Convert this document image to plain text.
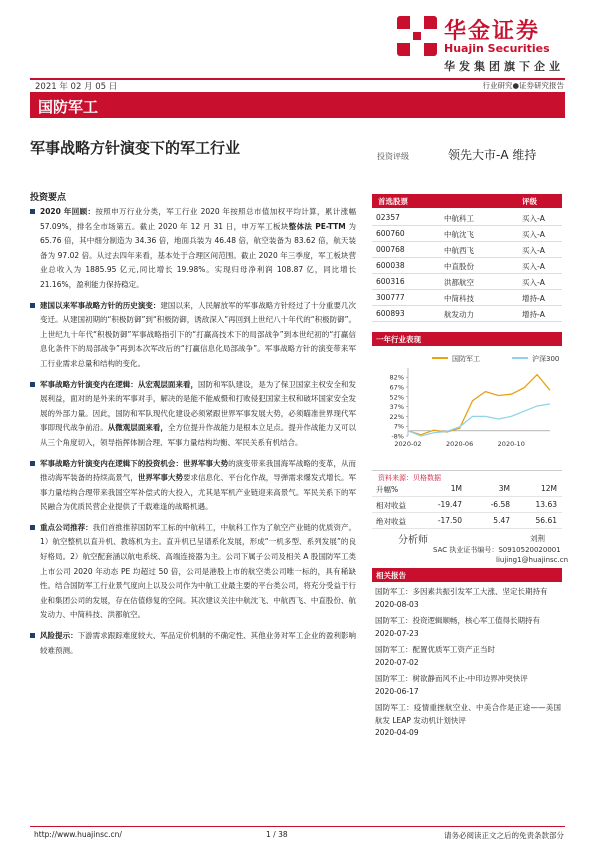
华金证券
Huajin Securities
华发集团旗下企业
2021 年 02 月 05 日	行业研究●证券研究报告
国防军工
军事战略方针演变下的军工行业	投资评级	领先大市-A 维持
投资要点

2020 年回顾：按照申万行业分类，军工行业 2020 年按照总市值加权平均计算，累计涨幅 57.09%，排名全市场第五。截止 2020 年 12 月 31 日，申万军工板块整体法 PE-TTM 为 65.76 倍，其中细分制造为 34.36 倍，地面兵装为 46.48 倍，航空装备为 83.62 倍，航天装备为 97.02 倍。从过去四年来看，基本处于合理区间范围。截止 2020 年三季度，军工板块营业总收入为 1885.95 亿元,同比增长 19.98%。实现归母净利润 108.87 亿，同比增长 21.16%，盈利能力保持稳定。

建国以来军事战略方针的历史演变：建国以来，人民解放军的军事战略方针经过了十分重要几次变迁。从建国初期的“积极防御”到“积极防御，诱敌深入”再回到上世纪八十年代的“积极防御”。上世纪九十年代“积极防御”军事战略指引下的“打赢高技术下的局部战争”到本世纪初的“打赢信息化条件下的局部战争”再到本次军改后的“打赢信息化局部战争”。军事战略方针的演变带来军工行业需求总量和结构的变化。

军事战略方针演变内在逻辑：从宏观层面来看，国防和军队建设，是为了保卫国家主权安全和发展利益，面对的是外来的军事对手，解决的是能不能威慑和打败侵犯国家主权和破坏国家安全发展的外部力量。因此，国防和军队现代化建设必须紧跟世界军事发展大势，必须瞄准世界现代军事即现代战争前沿。从微观层面来看，全方位提升作战能力是根本立足点。提升作战能力又可以从三个角度切入，领导指挥体制合理、军事力量结构均衡、军民关系有机结合。

军事战略方针演变内在逻辑下的投资机会：世界军事大势的演变带来我国海军战略的变革，从而推动海军装备的持续高景气，世界军事大势要求信息化、平台化作战，导弹需求爆发式增长。军事力量结构合理带来我国空军补偿式的大投入，尤其是军机产业链迎来高景气。军民关系下的军民融合为优质民营企业提供了千载难逢的战略机遇。

重点公司推荐：我们首推推荐国防军工标的中航科工，中航科工作为了航空产业链的优质资产。1）航空整机以直升机、教练机为主。直升机已呈谱系化发展，形成“一机多型、系列发展”的良好格局。2）航空配套涵以航电系统、高端连接器为主。公司下属子公司及相关 A 股国防军工类上市公司 2020 年动态 PE 均超过 50 倍，公司是港股上市的航空类公司唯一标的，具有稀缺性。结合国防军工行业景气度向上以及公司作为中航工业最主要的平台类公司，将充分受益于行业和集团公司的发展，存在估值修复的空间。其次建议关注中航沈飞、中航西飞、中直股份、航发动力、中简科技、洪都航空。

风险提示：下游需求跟踪难度较大、军品定价机制的不确定性、其他业务对军工企业的盈利影响较难预测。

首选股票	评级
02357	中航科工	买入-A
600760	中航沈飞	买入-A
000768	中航西飞	买入-A
600038	中直股份	买入-A
600316	洪都航空	买入-A
300777	中简科技	增持-A
600893	航发动力	增持-A
一年行业表现
国防军工	沪深300
82%
67%
52%
37%
22%
7%
-8%
2020-02	2020-06	2020-10
资料来源：贝格数据
升幅%	1M	3M	12M
相对收益	-19.47	-6.58	13.63
绝对收益	-17.50	5.47	56.61
分析师	刘荆
SAC 执业证书编号：S0910520020001
liujing1@huajinsc.cn
相关报告
国防军工：多因素共振引发军工大涨、坚定长期持有
2020-08-03
国防军工：投资逻辑顺畅，核心军工值得长期持有
2020-07-23
国防军工：配置优质军工资产正当时
2020-07-02
国防军工：树欲静而风不止-中印边界冲突快评
2020-06-17
国防军工：疫情重挫航空业、中美合作是正途——美国航发 LEAP 发动机计划快评
2020-04-09
http://www.huajinsc.cn/	1 / 38	请务必阅读正文之后的免责条款部分
